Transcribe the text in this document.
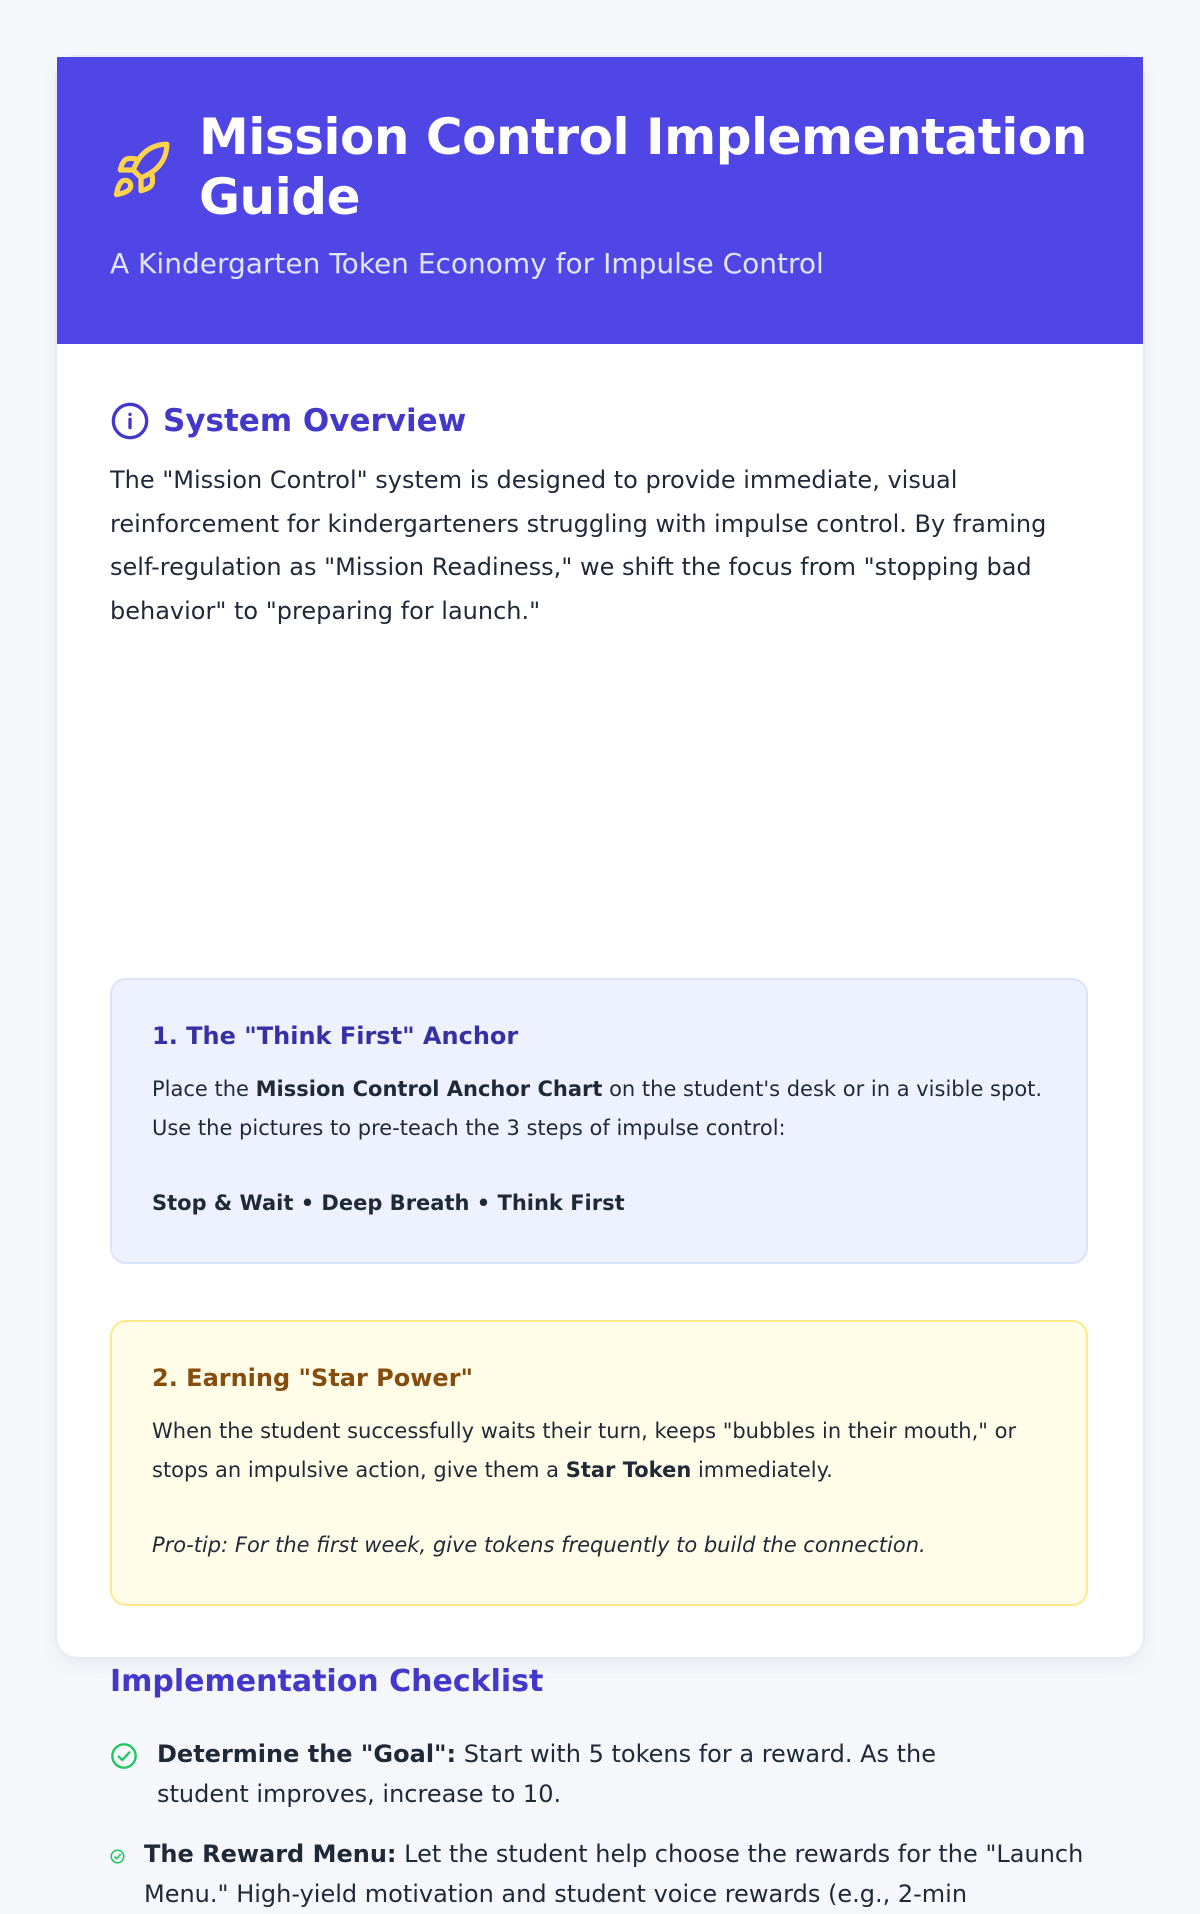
Mission Control Implementation Guide
A Kindergarten Token Economy for Impulse Control
System Overview

The "Mission Control" system is designed to provide immediate, visual reinforcement for kindergarteners struggling with impulse control. By framing self-regulation as "Mission Readiness," we shift the focus from "stopping bad behavior" to "preparing for launch."

1. The "Think First" Anchor

Place the Mission Control Anchor Chart on the student's desk or in a visible spot. Use the pictures to pre-teach the 3 steps of impulse control:

Stop & Wait • Deep Breath • Think First

2. Earning "Star Power"

When the student successfully waits their turn, keeps "bubbles in their mouth," or stops an impulsive action, give them a Star Token immediately.

Pro-tip: For the first week, give tokens frequently to build the connection.

Implementation Checklist
Determine the "Goal": Start with 5 tokens for a reward. As the student improves, increase to 10.
The Reward Menu: Let the student help choose the rewards for the "Launch Menu." High-yield motivation and student voice rewards (e.g., 2-min
